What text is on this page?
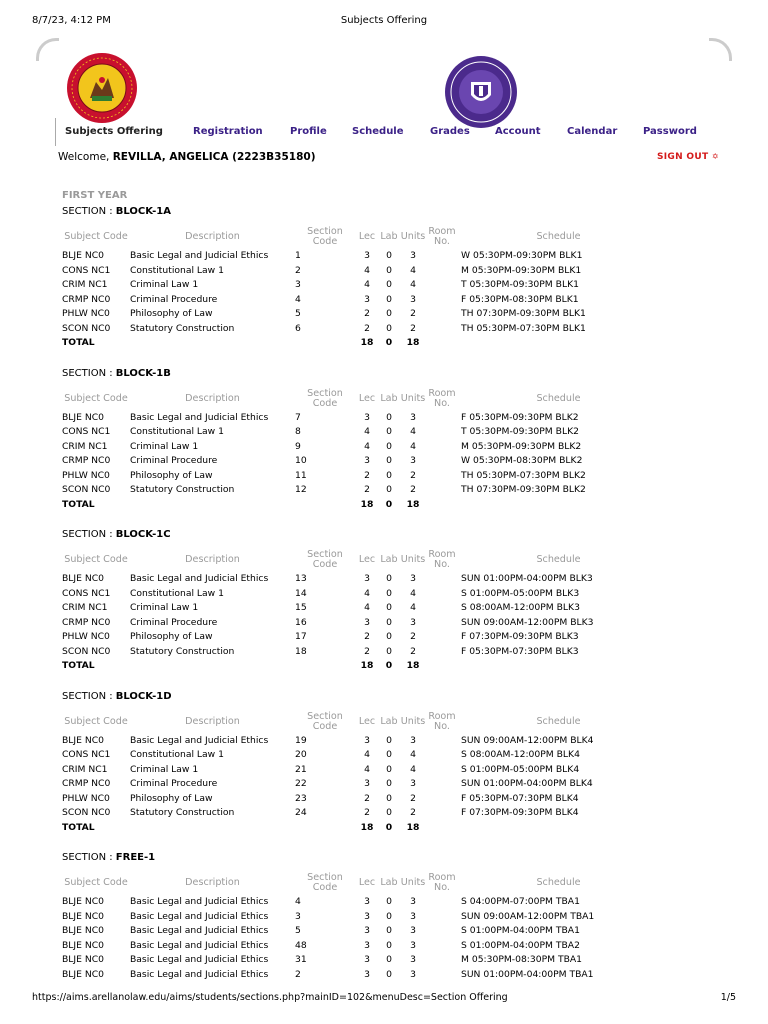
8/7/23, 4:12 PM	Subjects Offering
Subjects Offering	Registration	Profile	Schedule	Grades	Account	Calendar	Password
Welcome, REVILLA, ANGELICA (2223B35180)	SIGN OUT ✡
FIRST YEAR
SECTION : BLOCK-1A
Subject Code	Description	Section Code	Lec	Lab	Units	Room No.	Schedule
BLJE NC0	Basic Legal and Judicial Ethics	1	3	0	3		W 05:30PM-09:30PM BLK1
CONS NC1	Constitutional Law 1	2	4	0	4		M 05:30PM-09:30PM BLK1
CRIM NC1	Criminal Law 1	3	4	0	4		T 05:30PM-09:30PM BLK1
CRMP NC0	Criminal Procedure	4	3	0	3		F 05:30PM-08:30PM BLK1
PHLW NC0	Philosophy of Law	5	2	0	2		TH 07:30PM-09:30PM BLK1
SCON NC0	Statutory Construction	6	2	0	2		TH 05:30PM-07:30PM BLK1
TOTAL			18	0	18		
SECTION : BLOCK-1B
Subject Code	Description	Section Code	Lec	Lab	Units	Room No.	Schedule
BLJE NC0	Basic Legal and Judicial Ethics	7	3	0	3		F 05:30PM-09:30PM BLK2
CONS NC1	Constitutional Law 1	8	4	0	4		T 05:30PM-09:30PM BLK2
CRIM NC1	Criminal Law 1	9	4	0	4		M 05:30PM-09:30PM BLK2
CRMP NC0	Criminal Procedure	10	3	0	3		W 05:30PM-08:30PM BLK2
PHLW NC0	Philosophy of Law	11	2	0	2		TH 05:30PM-07:30PM BLK2
SCON NC0	Statutory Construction	12	2	0	2		TH 07:30PM-09:30PM BLK2
TOTAL			18	0	18		
SECTION : BLOCK-1C
Subject Code	Description	Section Code	Lec	Lab	Units	Room No.	Schedule
BLJE NC0	Basic Legal and Judicial Ethics	13	3	0	3		SUN 01:00PM-04:00PM BLK3
CONS NC1	Constitutional Law 1	14	4	0	4		S 01:00PM-05:00PM BLK3
CRIM NC1	Criminal Law 1	15	4	0	4		S 08:00AM-12:00PM BLK3
CRMP NC0	Criminal Procedure	16	3	0	3		SUN 09:00AM-12:00PM BLK3
PHLW NC0	Philosophy of Law	17	2	0	2		F 07:30PM-09:30PM BLK3
SCON NC0	Statutory Construction	18	2	0	2		F 05:30PM-07:30PM BLK3
TOTAL			18	0	18		
SECTION : BLOCK-1D
Subject Code	Description	Section Code	Lec	Lab	Units	Room No.	Schedule
BLJE NC0	Basic Legal and Judicial Ethics	19	3	0	3		SUN 09:00AM-12:00PM BLK4
CONS NC1	Constitutional Law 1	20	4	0	4		S 08:00AM-12:00PM BLK4
CRIM NC1	Criminal Law 1	21	4	0	4		S 01:00PM-05:00PM BLK4
CRMP NC0	Criminal Procedure	22	3	0	3		SUN 01:00PM-04:00PM BLK4
PHLW NC0	Philosophy of Law	23	2	0	2		F 05:30PM-07:30PM BLK4
SCON NC0	Statutory Construction	24	2	0	2		F 07:30PM-09:30PM BLK4
TOTAL			18	0	18		
SECTION : FREE-1
Subject Code	Description	Section Code	Lec	Lab	Units	Room No.	Schedule
BLJE NC0	Basic Legal and Judicial Ethics	4	3	0	3		S 04:00PM-07:00PM TBA1
BLJE NC0	Basic Legal and Judicial Ethics	3	3	0	3		SUN 09:00AM-12:00PM TBA1
BLJE NC0	Basic Legal and Judicial Ethics	5	3	0	3		S 01:00PM-04:00PM TBA1
BLJE NC0	Basic Legal and Judicial Ethics	48	3	0	3		S 01:00PM-04:00PM TBA2
BLJE NC0	Basic Legal and Judicial Ethics	31	3	0	3		M 05:30PM-08:30PM TBA1
BLJE NC0	Basic Legal and Judicial Ethics	2	3	0	3		SUN 01:00PM-04:00PM TBA1
https://aims.arellanolaw.edu/aims/students/sections.php?mainID=102&menuDesc=Section Offering	1/5
